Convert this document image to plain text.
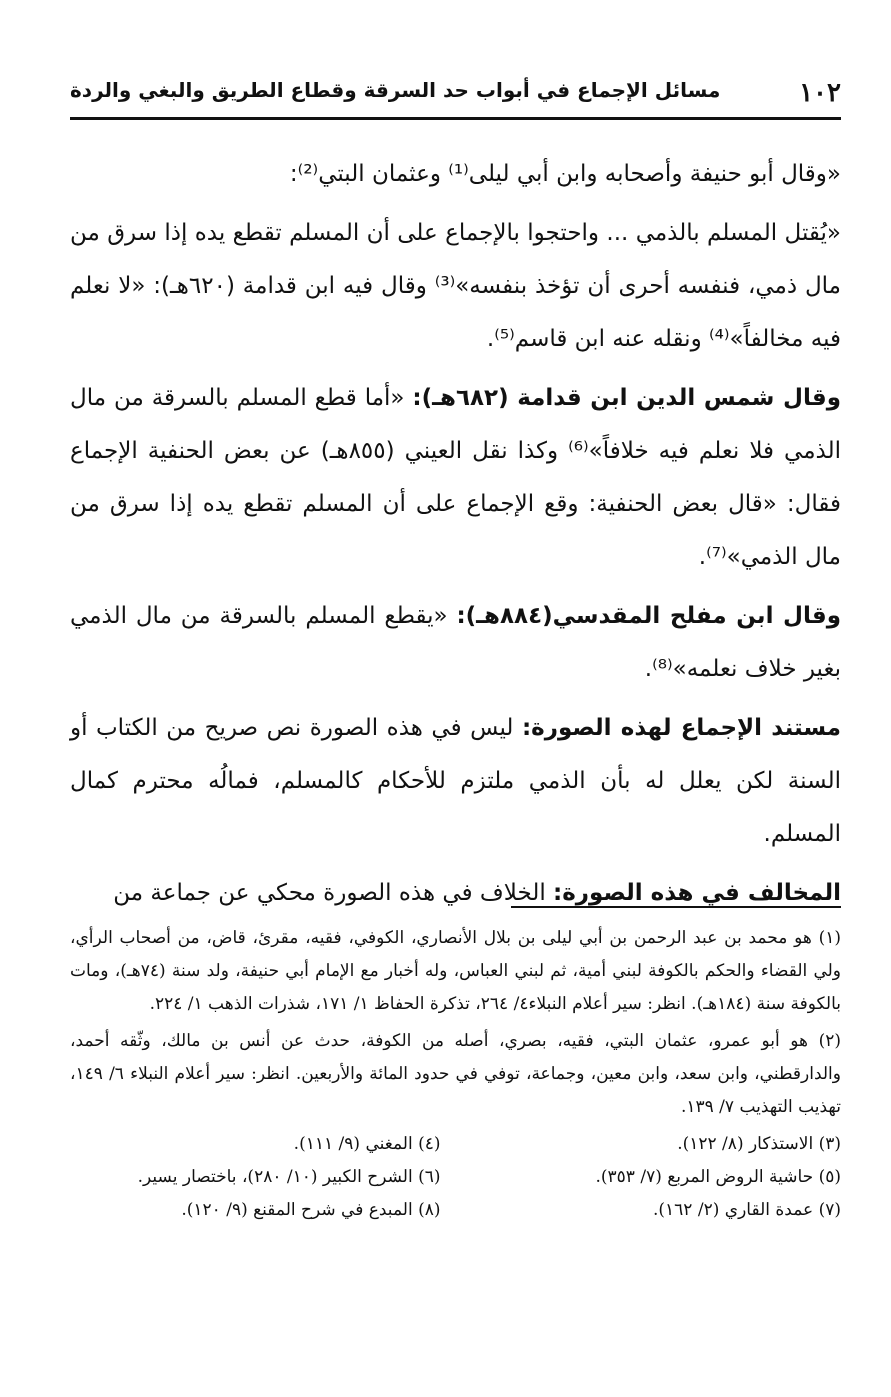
١٠٢
مسائل الإجماع في أبواب حد السرقة وقطاع الطريق والبغي والردة

«وقال أبو حنيفة وأصحابه وابن أبي ليلى⁽¹⁾ وعثمان البتي⁽²⁾:

«يُقتل المسلم بالذمي ... واحتجوا بالإجماع على أن المسلم تقطع يده إذا سرق من مال ذمي، فنفسه أحرى أن تؤخذ بنفسه»⁽³⁾ وقال فيه ابن قدامة (٦٢٠هـ): «لا نعلم فيه مخالفاً»⁽⁴⁾ ونقله عنه ابن قاسم⁽⁵⁾.

وقال شمس الدين ابن قدامة (٦٨٢هـ): «أما قطع المسلم بالسرقة من مال الذمي فلا نعلم فيه خلافاً»⁽⁶⁾ وكذا نقل العيني (٨٥٥هـ) عن بعض الحنفية الإجماع فقال: «قال بعض الحنفية: وقع الإجماع على أن المسلم تقطع يده إذا سرق من مال الذمي»⁽⁷⁾.

وقال ابن مفلح المقدسي(٨٨٤هـ): «يقطع المسلم بالسرقة من مال الذمي بغير خلاف نعلمه»⁽⁸⁾.

مستند الإجماع لهذه الصورة: ليس في هذه الصورة نص صريح من الكتاب أو السنة لكن يعلل له بأن الذمي ملتزم للأحكام كالمسلم، فمالُه محترم كمال المسلم.

المخالف في هذه الصورة: الخلاف في هذه الصورة محكي عن جماعة من

(١) هو محمد بن عبد الرحمن بن أبي ليلى بن بلال الأنصاري، الكوفي، فقيه، مقرئ، قاض، من أصحاب الرأي، ولي القضاء والحكم بالكوفة لبني أمية، ثم لبني العباس، وله أخبار مع الإمام أبي حنيفة، ولد سنة (٧٤هـ)، ومات بالكوفة سنة (١٨٤هـ). انظر: سير أعلام النبلاء٤/ ٢٦٤، تذكرة الحفاظ ١/ ١٧١، شذرات الذهب ١/ ٢٢٤.

(٢) هو أبو عمرو، عثمان البتي، فقيه، بصري، أصله من الكوفة، حدث عن أنس بن مالك، وثّقه أحمد، والدارقطني، وابن سعد، وابن معين، وجماعة، توفي في حدود المائة والأربعين. انظر: سير أعلام النبلاء ٦/ ١٤٩، تهذيب التهذيب ٧/ ١٣٩.

(٣) الاستذكار (٨/ ١٢٢).
(٤) المغني (٩/ ١١١).
(٥) حاشية الروض المربع (٧/ ٣٥٣).
(٦) الشرح الكبير (١٠/ ٢٨٠)، باختصار يسير.
(٧) عمدة القاري (٢/ ١٦٢).
(٨) المبدع في شرح المقنع (٩/ ١٢٠).
